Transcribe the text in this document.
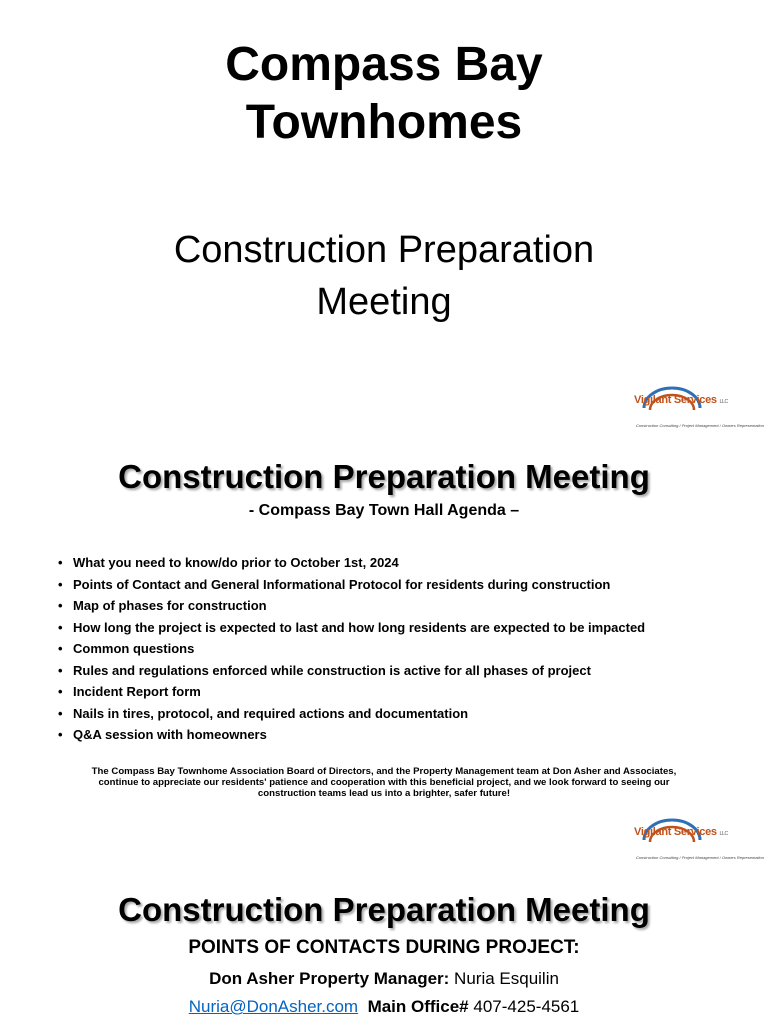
Compass Bay
Townhomes
Construction Preparation
Meeting
Vigilant Services LLC
Construction Consulting / Project Management / Owners Representation
Construction Preparation Meeting
- Compass Bay Town Hall Agenda –
• What you need to know/do prior to October 1st, 2024
• Points of Contact and General Informational Protocol for residents during construction
• Map of phases for construction
• How long the project is expected to last and how long residents are expected to be impacted
• Common questions
• Rules and regulations enforced while construction is active for all phases of project
• Incident Report form
• Nails in tires, protocol, and required actions and documentation
• Q&A session with homeowners
The Compass Bay Townhome Association Board of Directors, and the Property Management team at Don Asher and Associates,
continue to appreciate our residents' patience and cooperation with this beneficial project, and we look forward to seeing our
construction teams lead us into a brighter, safer future!
Vigilant Services LLC
Construction Consulting / Project Management / Owners Representation
Construction Preparation Meeting
POINTS OF CONTACTS DURING PROJECT:
Don Asher Property Manager: Nuria Esquilin
Nuria@DonAsher.com Main Office# 407-425-4561
